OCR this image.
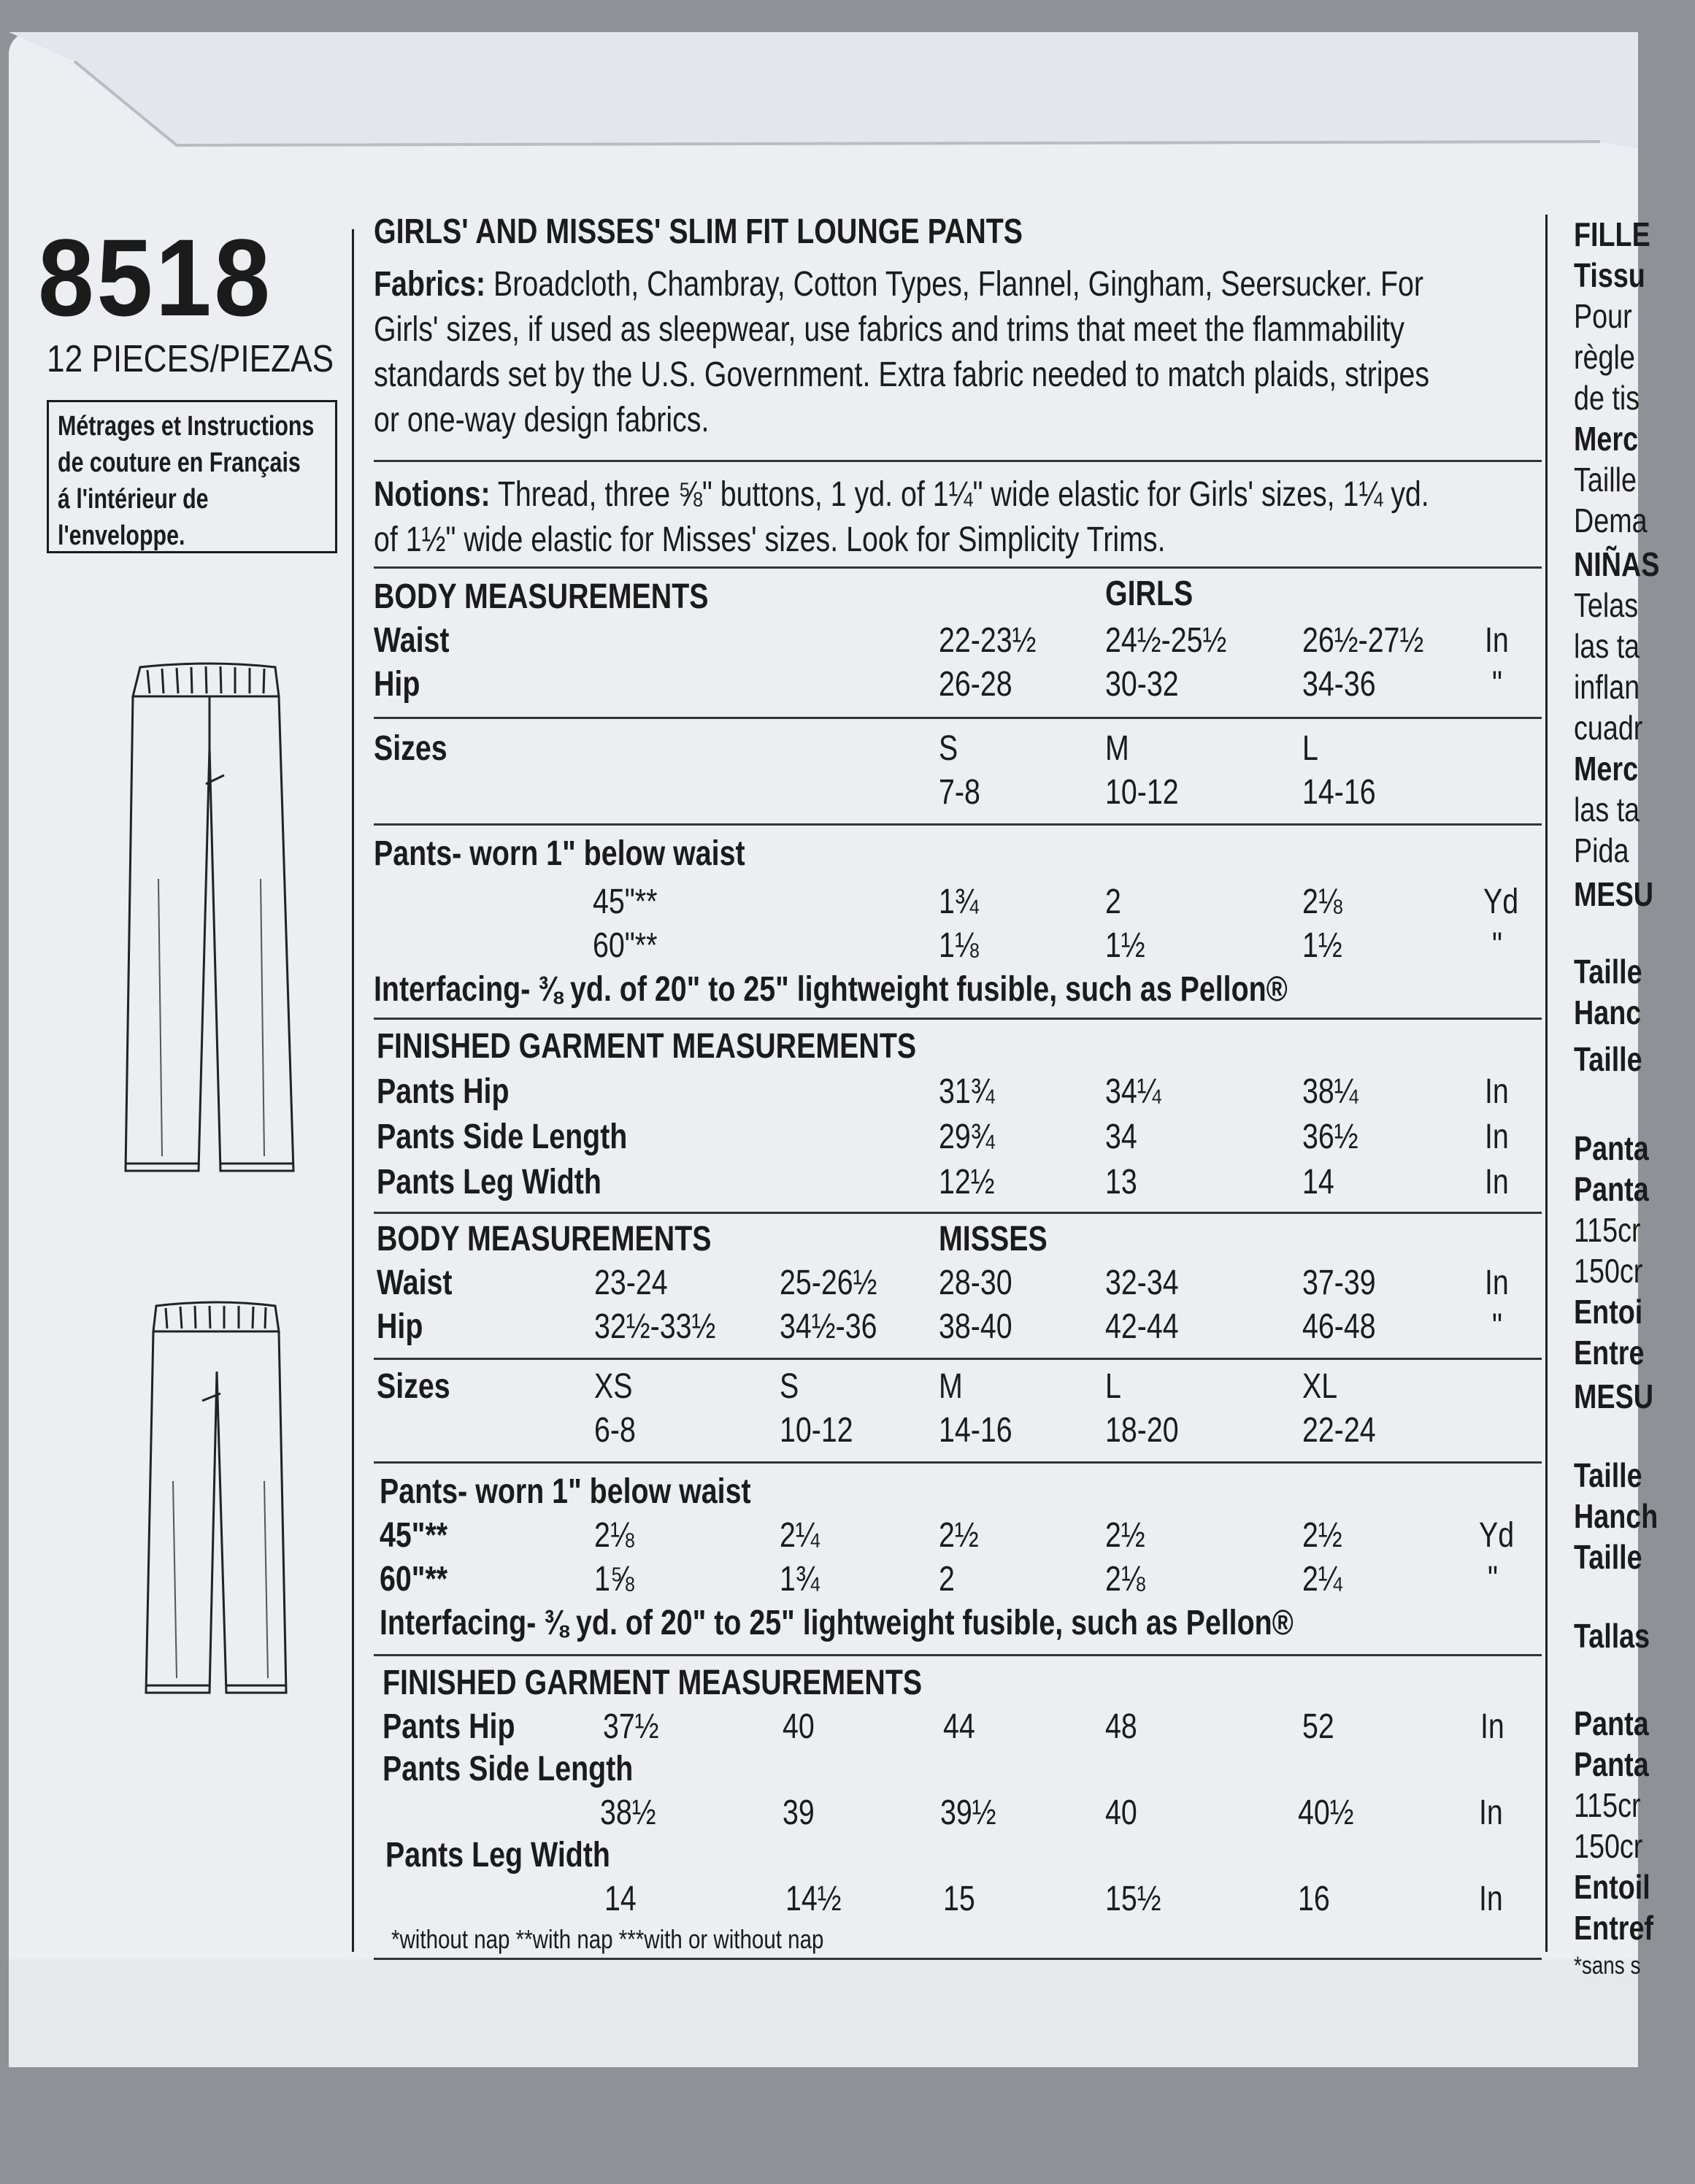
8518
12 PIECES/PIEZAS
Métrages et Instructions
de couture en Français
á l'intérieur de
l'enveloppe.
GIRLS' AND MISSES' SLIM FIT LOUNGE PANTS
Fabrics: Broadcloth, Chambray, Cotton Types, Flannel, Gingham, Seersucker. For
Girls' sizes, if used as sleepwear, use fabrics and trims that meet the flammability
standards set by the U.S. Government. Extra fabric needed to match plaids, stripes
or one-way design fabrics.
Notions: Thread, three ⅝" buttons, 1 yd. of 1¼" wide elastic for Girls' sizes, 1¼ yd.
of 1½" wide elastic for Misses' sizes. Look for Simplicity Trims.
BODY MEASUREMENTS	GIRLS
Waist	22-23½ 24½-25½ 26½-27½ In
Hip	26-28	30-32	34-36	"
Sizes	S	M	L
7-8	10-12	14-16
Pants- worn 1" below waist
45"**	1¾	2	2⅛	Yd
60"**	1⅛	1½	1½	"
Interfacing- ⅜ yd. of 20" to 25" lightweight fusible, such as Pellon®
FINISHED GARMENT MEASUREMENTS
Pants Hip	31¾	34¼	38¼	In
Pants Side Length	29¾	34	36½	In
Pants Leg Width	12½	13	14	In
BODY MEASUREMENTS	MISSES
Waist	23-24	25-26½ 28-30	32-34	37-39	In
Hip	32½-33½ 34½-36 38-40	42-44	46-48	"
Sizes	XS	S	M	L	XL
6-8	10-12 14-16	18-20	22-24
Pants- worn 1" below waist
45"**	2⅛	2¼	2½	2½	2½	Yd
60"**	1⅝	1¾	2	2⅛	2¼	"
Interfacing- ⅜ yd. of 20" to 25" lightweight fusible, such as Pellon®
FINISHED GARMENT MEASUREMENTS
Pants Hip	37½	40	44	48	52	In
Pants Side Length
38½	39	39½	40	40½	In
Pants Leg Width
14	14½	15	15½	16	In
*without nap **with nap ***with or without nap
FILLE
Tissu
Pour
règle
de tis
Merc
Taille
Dema
NIÑAS
Telas
las ta
inflan
cuadr
Merc
las ta
Pida
MESU
Taille
Hanc
Taille
Panta
Panta
115cr
150cr
Entoi
Entre
MESU
Taille
Hanch
Taille
Tallas
Panta
Panta
115cr
150cr
Entoil
Entref
*sans s
